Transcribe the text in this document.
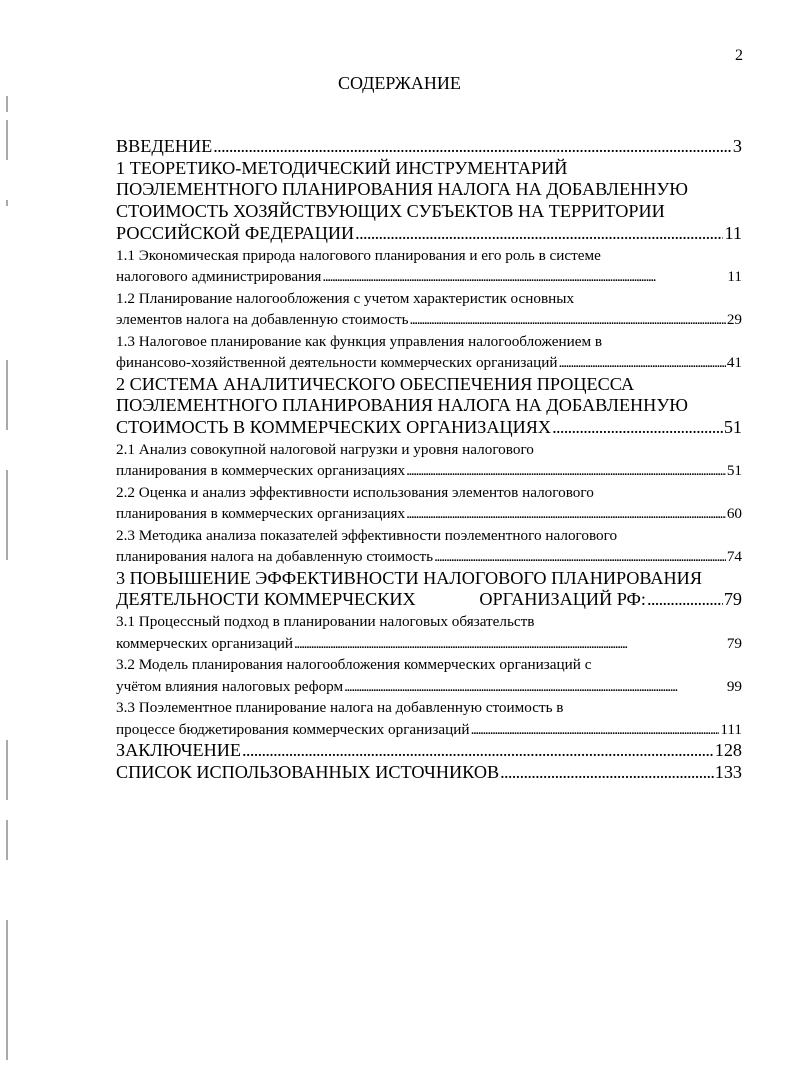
2
СОДЕРЖАНИЕ
ВВЕДЕНИЕ . . .	3
1 ТЕОРЕТИКО-МЕТОДИЧЕСКИЙ ИНСТРУМЕНТАРИЙ
ПОЭЛЕМЕНТНОГО ПЛАНИРОВАНИЯ НАЛОГА НА ДОБАВЛЕННУЮ
СТОИМОСТЬ ХОЗЯЙСТВУЮЩИХ СУБЪЕКТОВ НА ТЕРРИТОРИИ
РОССИЙСКОЙ ФЕДЕРАЦИИ . . .	11
1.1 Экономическая природа налогового планирования и его роль в системе
налогового администрирования . . .	11
1.2 Планирование налогообложения с учетом характеристик основных
элементов налога на добавленную стоимость . . .	29
1.3 Налоговое планирование как функция управления налогообложением в
финансово-хозяйственной деятельности коммерческих организаций . . .	41
2 СИСТЕМА АНАЛИТИЧЕСКОГО ОБЕСПЕЧЕНИЯ ПРОЦЕССА
ПОЭЛЕМЕНТНОГО ПЛАНИРОВАНИЯ НАЛОГА НА ДОБАВЛЕННУЮ
СТОИМОСТЬ В КОММЕРЧЕСКИХ ОРГАНИЗАЦИЯХ . . .	51
2.1 Анализ совокупной налоговой нагрузки и уровня налогового
планирования в коммерческих организациях . . .	51
2.2 Оценка и анализ эффективности использования элементов налогового
планирования в коммерческих организациях . . .	60
2.3 Методика анализа показателей эффективности поэлементного налогового
планирования налога на добавленную стоимость . . .	74
3 ПОВЫШЕНИЕ ЭФФЕКТИВНОСТИ НАЛОГОВОГО ПЛАНИРОВАНИЯ
ДЕЯТЕЛЬНОСТИ КОММЕРЧЕСКИХ              ОРГАНИЗАЦИЙ РФ: . . .	79
3.1 Процессный подход в планировании налоговых обязательств
коммерческих организаций . . .	79
3.2 Модель планирования налогообложения коммерческих организаций с
учётом влияния налоговых реформ . . .	99
3.3 Поэлементное планирование налога на добавленную стоимость в
процессе бюджетирования коммерческих организаций . . .	111
ЗАКЛЮЧЕНИЕ . . .	128
СПИСОК ИСПОЛЬЗОВАННЫХ ИСТОЧНИКОВ . . .	133
